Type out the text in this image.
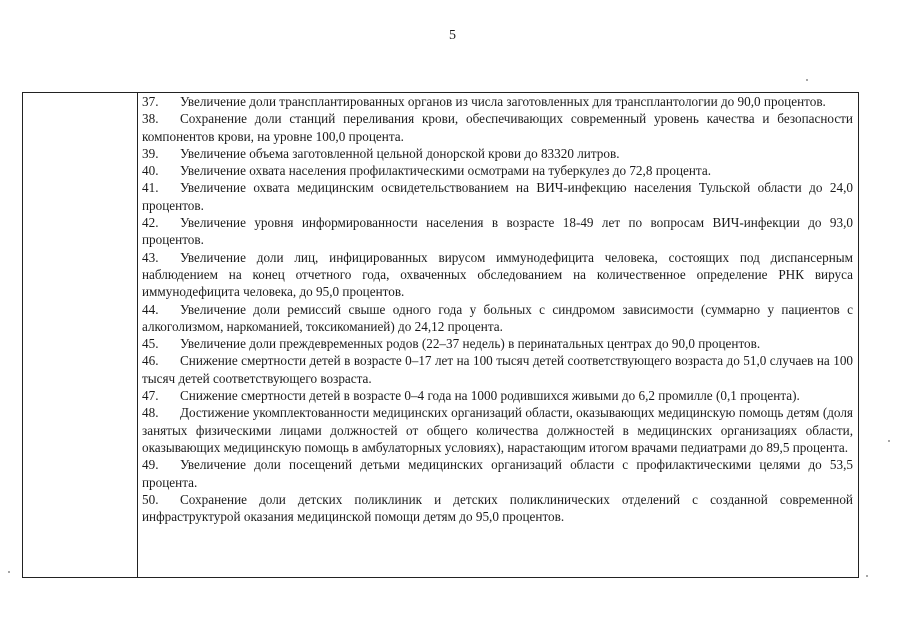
5

37. Увеличение доли трансплантированных органов из числа заготовленных для трансплантологии до 90,0 процентов.

38. Сохранение доли станций переливания крови, обеспечивающих современный уровень качества и безопасности компонентов крови, на уровне 100,0 процента.

39. Увеличение объема заготовленной цельной донорской крови до 83320 литров.

40. Увеличение охвата населения профилактическими осмотрами на туберкулез до 72,8 процента.

41. Увеличение охвата медицинским освидетельствованием на ВИЧ-инфекцию населения Тульской области до 24,0 процентов.

42. Увеличение уровня информированности населения в возрасте 18-49 лет по вопросам ВИЧ-инфекции до 93,0 процентов.

43. Увеличение доли лиц, инфицированных вирусом иммунодефицита человека, состоящих под диспансерным наблюдением на конец отчетного года, охваченных обследованием на количественное определение РНК вируса иммунодефицита человека, до 95,0 процентов.

44. Увеличение доли ремиссий свыше одного года у больных с синдромом зависимости (суммарно у пациентов с алкоголизмом, наркоманией, токсикоманией) до 24,12 процента.

45. Увеличение доли преждевременных родов (22–37 недель) в перинатальных центрах до 90,0 процентов.

46. Снижение смертности детей в возрасте 0–17 лет на 100 тысяч детей соответствующего возраста до 51,0 случаев на 100 тысяч детей соответствующего возраста.

47. Снижение смертности детей в возрасте 0–4 года на 1000 родившихся живыми до 6,2 промилле (0,1 процента).

48. Достижение укомплектованности медицинских организаций области, оказывающих медицинскую помощь детям (доля занятых физическими лицами должностей от общего количества должностей в медицинских организациях области, оказывающих медицинскую помощь в амбулаторных условиях), нарастающим итогом врачами педиатрами до 89,5 процента.

49. Увеличение доли посещений детьми медицинских организаций области с профилактическими целями до 53,5 процента.

50. Сохранение доли детских поликлиник и детских поликлинических отделений с созданной современной инфраструктурой оказания медицинской помощи детям до 95,0 процентов.
